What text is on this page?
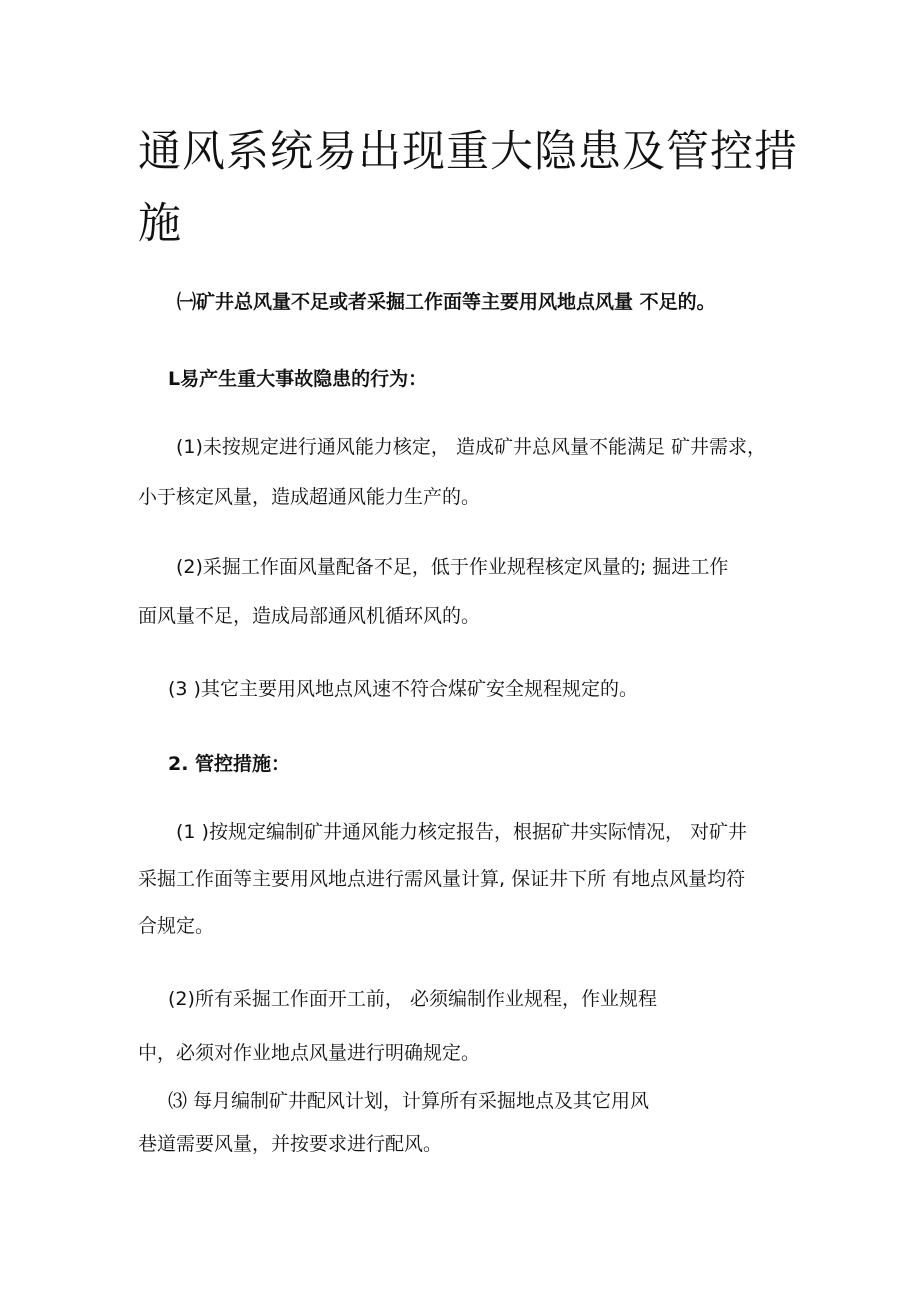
通风系统易出现重大隐患及管控措
施
㈠矿井总风量不足或者采掘工作面等主要用风地点风量 不足的。
L易产生重大事故隐患的行为：
(1)未按规定进行通风能力核定， 造成矿井总风量不能满足 矿井需求，
小于核定风量，造成超通风能力生产的。
(2)采掘工作面风量配备不足，低于作业规程核定风量的; 掘进工作
面风量不足，造成局部通风机循环风的。
(3 )其它主要用风地点风速不符合煤矿安全规程规定的。
2. 管控措施：
(1 )按规定编制矿井通风能力核定报告，根据矿井实际情况， 对矿井
采掘工作面等主要用风地点进行需风量计算, 保证井下所 有地点风量均符
合规定。
(2)所有采掘工作面开工前， 必须编制作业规程，作业规程
中，必须对作业地点风量进行明确规定。
⑶ 每月编制矿井配风计划，计算所有采掘地点及其它用风
巷道需要风量，并按要求进行配风。
